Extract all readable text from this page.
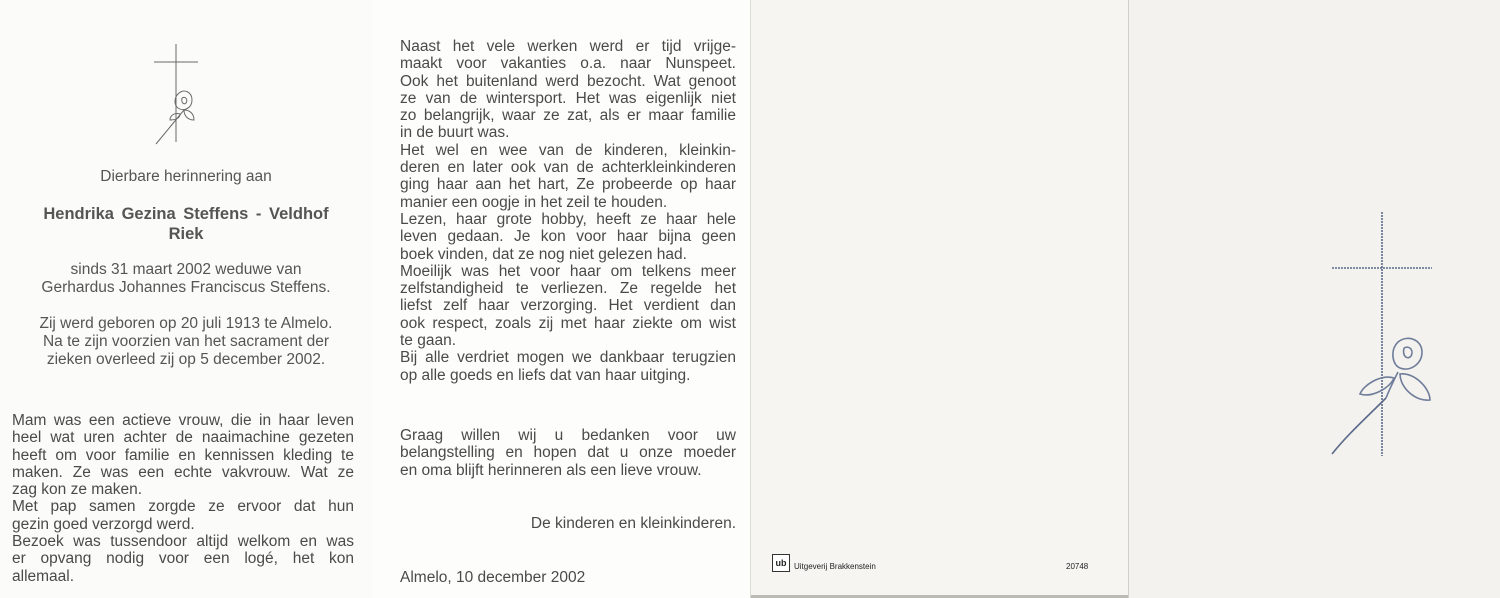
Dierbare herinnering aan
Hendrika Gezina Steffens - Veldhof
Riek
sinds 31 maart 2002 weduwe van
Gerhardus Johannes Franciscus Steffens.
Zij werd geboren op 20 juli 1913 te Almelo.
Na te zijn voorzien van het sacrament der
zieken overleed zij op 5 december 2002.

Mam was een actieve vrouw, die in haar leven
heel wat uren achter de naaimachine gezeten
heeft om voor familie en kennissen kleding te
maken. Ze was een echte vakvrouw. Wat ze
zag kon ze maken.

Met pap samen zorgde ze ervoor dat hun
gezin goed verzorgd werd.

Bezoek was tussendoor altijd welkom en was
er opvang nodig voor een logé, het kon
allemaal.

Naast het vele werken werd er tijd vrijge-
maakt voor vakanties o.a. naar Nunspeet.
Ook het buitenland werd bezocht. Wat genoot
ze van de wintersport. Het was eigenlijk niet
zo belangrijk, waar ze zat, als er maar familie
in de buurt was.

Het wel en wee van de kinderen, kleinkin-
deren en later ook van de achterkleinkinderen
ging haar aan het hart, Ze probeerde op haar
manier een oogje in het zeil te houden.

Lezen, haar grote hobby, heeft ze haar hele
leven gedaan. Je kon voor haar bijna geen
boek vinden, dat ze nog niet gelezen had.

Moeilijk was het voor haar om telkens meer
zelfstandigheid te verliezen. Ze regelde het
liefst zelf haar verzorging. Het verdient dan
ook respect, zoals zij met haar ziekte om wist
te gaan.

Bij alle verdriet mogen we dankbaar terugzien
op alle goeds en liefs dat van haar uitging.

Graag willen wij u bedanken voor uw
belangstelling en hopen dat u onze moeder
en oma blijft herinneren als een lieve vrouw.
De kinderen en kleinkinderen.
Almelo, 10 december 2002
ub Uitgeverij Brakkenstein	20748
